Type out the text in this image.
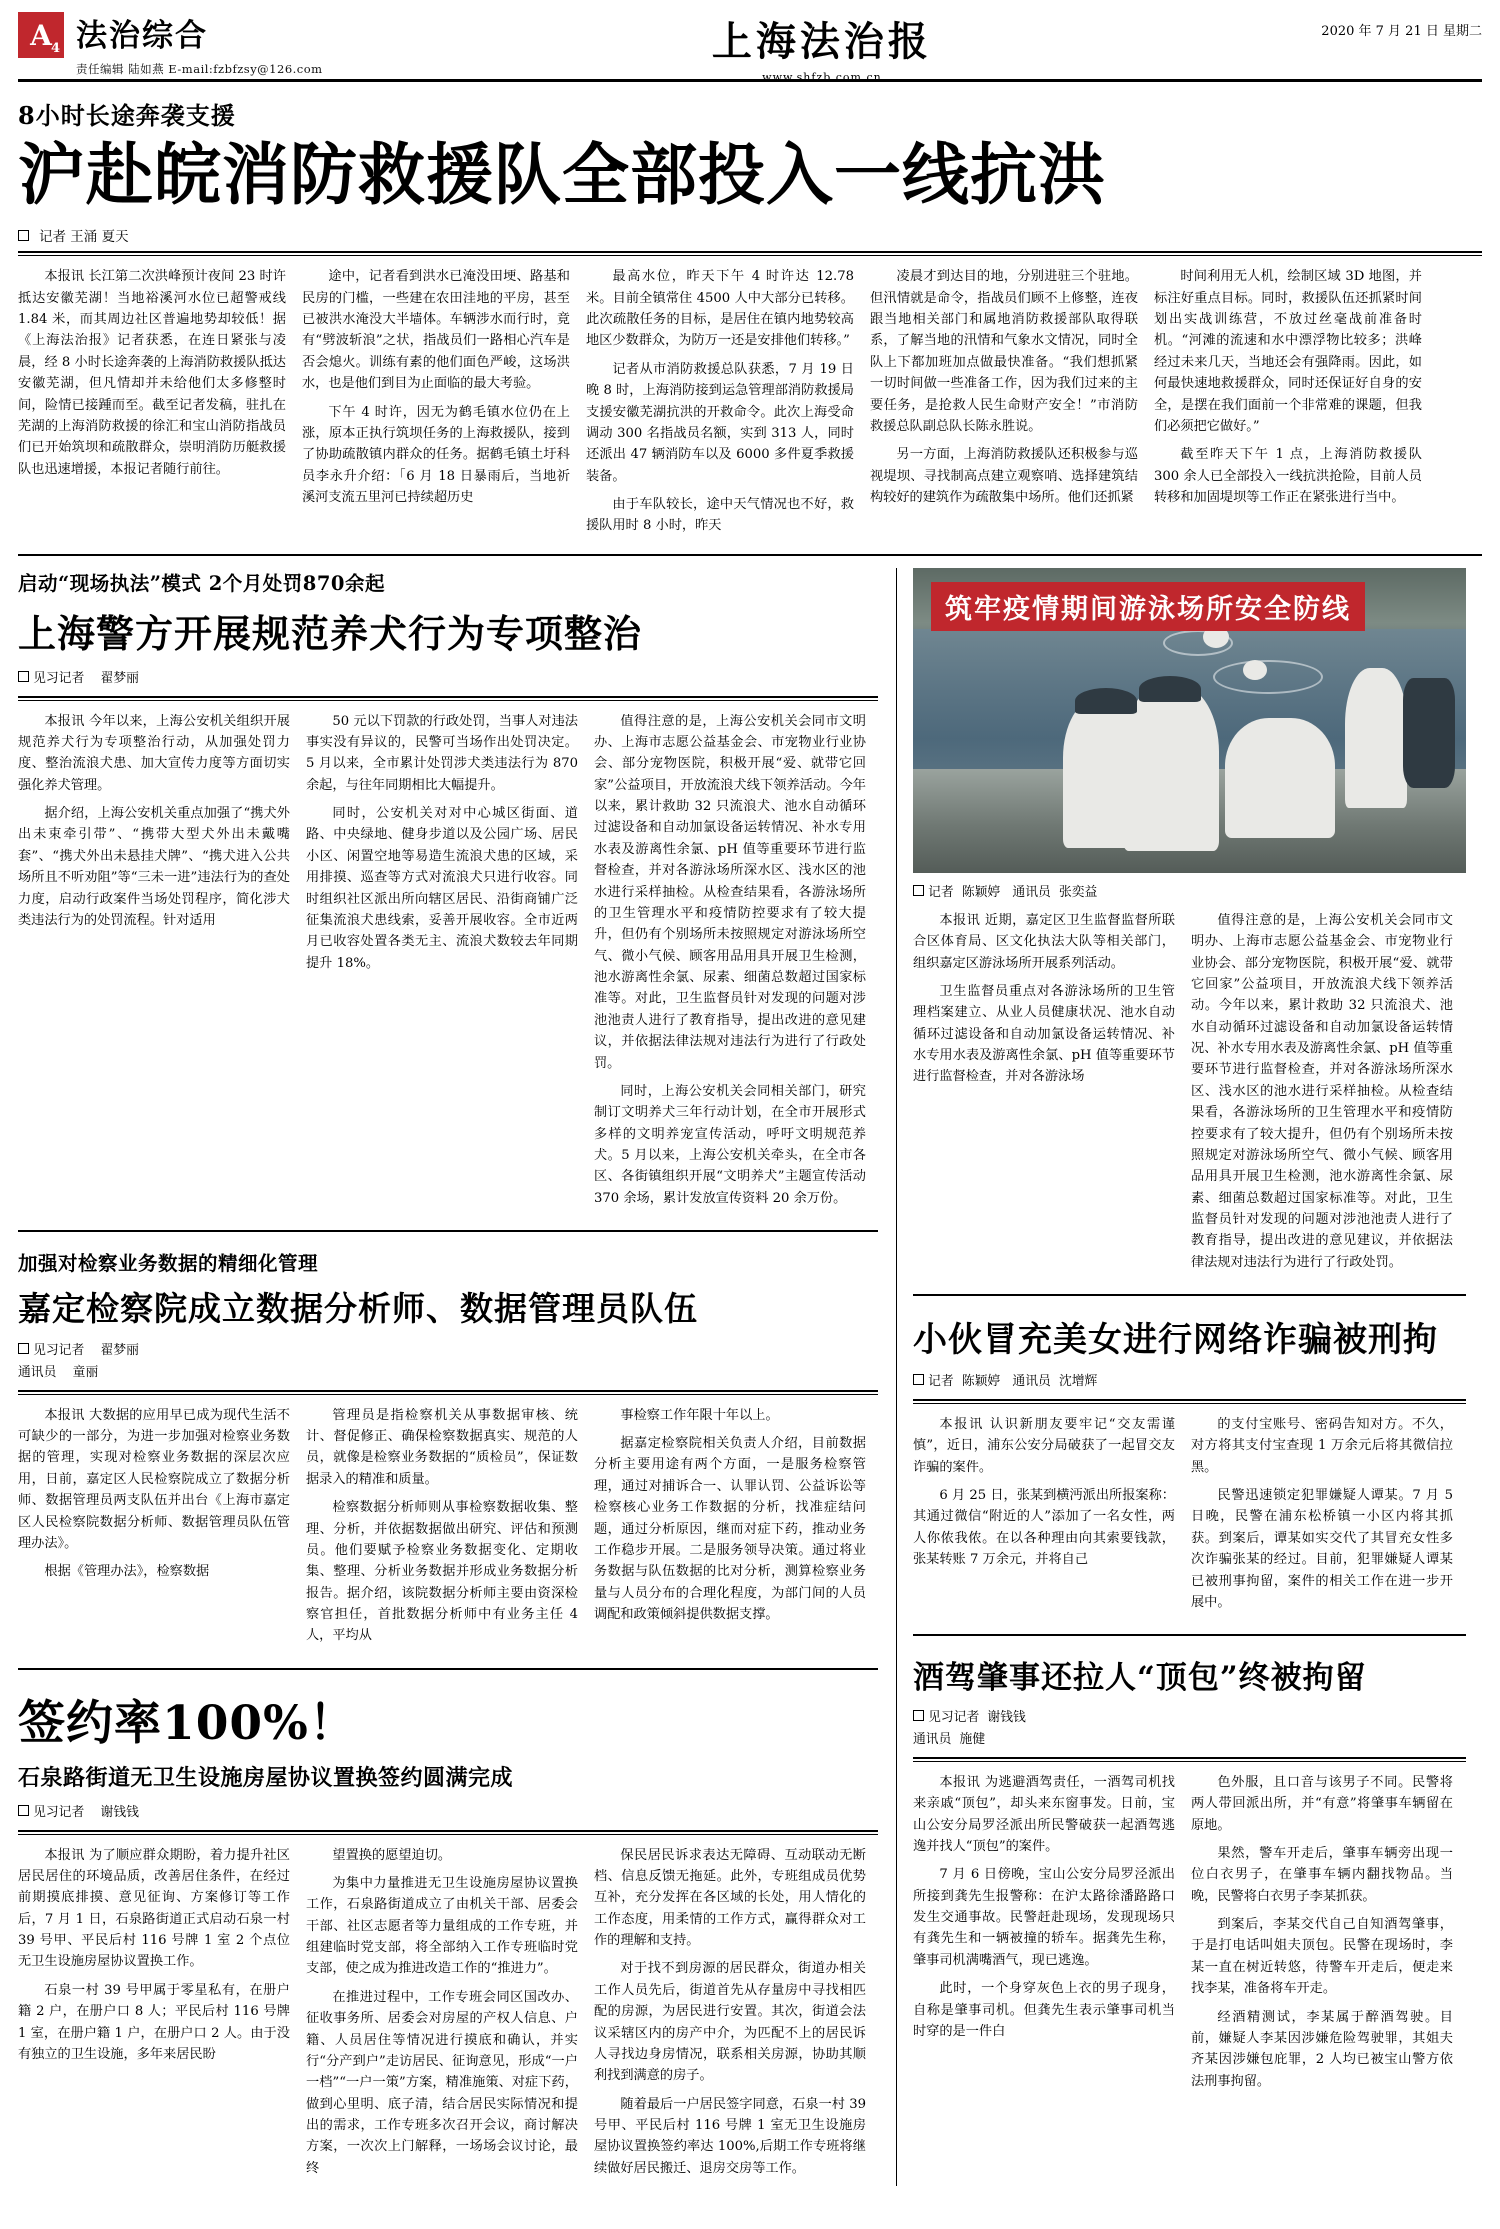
A 4 法治综合
责任编辑 陆如燕 E-mail:fzbfzsy@126.com
上海法治报
www.shfzb.com.cn
2020 年 7 月 21 日 星期二
8小时长途奔袭支援
沪赴皖消防救援队全部投入一线抗洪
记者 王涌 夏天

本报讯 长江第二次洪峰预计夜间 23 时许抵达安徽芜湖！当地裕溪河水位已超警戒线 1.84 米，而其周边社区普遍地势却较低！据《上海法治报》记者获悉，在连日紧张与凌晨，经 8 小时长途奔袭的上海消防救援队抵达安徽芜湖，但凡情却并未给他们太多修整时间，险情已接踵而至。截至记者发稿，驻扎在芜湖的上海消防救援的徐汇和宝山消防指战员们已开始筑坝和疏散群众，崇明消防历艇救援队也迅速增援，本报记者随行前往。

途中，记者看到洪水已淹没田埂、路基和民房的门槛，一些建在农田洼地的平房，甚至已被洪水淹没大半墙体。车辆涉水而行时，竟有“劈波斩浪”之状，指战员们一路相心汽车是否会熄火。训练有素的他们面色严峻，这场洪水，也是他们到目为止面临的最大考验。

下午 4 时许，因无为鹤毛镇水位仍在上涨，原本正执行筑坝任务的上海救援队，接到了协助疏散镇内群众的任务。据鹤毛镇土圩科员李永升介绍：「6 月 18 日暴雨后，当地祈溪河支流五里河已持续超历史

最高水位，昨天下午 4 时许达 12.78 米。目前全镇常住 4500 人中大部分已转移。此次疏散任务的目标，是居住在镇内地势较高地区少数群众，为防万一还是安排他们转移。”

记者从市消防救援总队获悉，7 月 19 日晚 8 时，上海消防接到运急管理部消防救援局支援安徽芜湖抗洪的开救命令。此次上海受命调动 300 名指战员名额，实到 313 人，同时还派出 47 辆消防车以及 6000 多件夏季救援装备。

由于车队较长，途中天气情况也不好，救援队用时 8 小时，昨天

凌晨才到达目的地，分别进驻三个驻地。但汛情就是命令，指战员们顾不上修整，连夜跟当地相关部门和属地消防救援部队取得联系，了解当地的汛情和气象水文情况，同时全队上下都加班加点做最快准备。“我们想抓紧一切时间做一些准备工作，因为我们过来的主要任务，是抢救人民生命财产安全！”市消防救援总队副总队长陈永胜说。

另一方面，上海消防救援队还积极参与巡视堤坝、寻找制高点建立观察哨、选择建筑结构较好的建筑作为疏散集中场所。他们还抓紧

时间利用无人机，绘制区域 3D 地图，并标注好重点目标。同时，救援队伍还抓紧时间划出实战训练营，不放过丝毫战前准备时机。“河滩的流速和水中漂浮物比较多；洪峰经过未来几天，当地还会有强降雨。因此，如何最快速地救援群众，同时还保证好自身的安全，是摆在我们面前一个非常难的课题，但我们必须把它做好。”

截至昨天下午 1 点，上海消防救援队 300 余人已全部投入一线抗洪抢险，目前人员转移和加固堤坝等工作正在紧张进行当中。

启动“现场执法”模式 2个月处罚870余起
上海警方开展规范养犬行为专项整治
见习记者 翟梦丽

本报讯 今年以来，上海公安机关组织开展规范养犬行为专项整治行动，从加强处罚力度、整治流浪犬患、加大宣传力度等方面切实强化养犬管理。

据介绍，上海公安机关重点加强了“携犬外出未束牵引带”、“携带大型犬外出未戴嘴套”、“携犬外出未悬挂犬牌”、“携犬进入公共场所且不听劝阻”等“三未一进”违法行为的查处力度，启动行政案件当场处罚程序，简化涉犬类违法行为的处罚流程。针对适用

50 元以下罚款的行政处罚，当事人对违法事实没有异议的，民警可当场作出处罚决定。5 月以来，全市累计处罚涉犬类违法行为 870 余起，与往年同期相比大幅提升。

同时，公安机关对对中心城区街面、道路、中央绿地、健身步道以及公园广场、居民小区、闲置空地等易造生流浪犬患的区域，采用排摸、巡查等方式对流浪犬只进行收容。同时组织社区派出所向辖区居民、沿街商铺广泛征集流浪犬患线索，妥善开展收容。全市近两月已收容处置各类无主、流浪犬数较去年同期提升 18%。

值得注意的是，上海公安机关会同市文明办、上海市志愿公益基金会、市宠物业行业协会、部分宠物医院，积极开展“爱、就带它回家”公益项目，开放流浪犬线下领养活动。今年以来，累计救助 32 只流浪犬、池水自动循环过滤设备和自动加氯设备运转情况、补水专用水表及游离性余氯、pH 值等重要环节进行监督检查，并对各游泳场所深水区、浅水区的池水进行采样抽检。从检查结果看，各游泳场所的卫生管理水平和疫情防控要求有了较大提升，但仍有个别场所未按照规定对游泳场所空气、微小气候、顾客用品用具开展卫生检测，池水游离性余氯、尿素、细菌总数超过国家标准等。对此，卫生监督员针对发现的问题对涉池池责人进行了教育指导，提出改进的意见建议，并依据法律法规对违法行为进行了行政处罚。

同时，上海公安机关会同相关部门，研究制订文明养犬三年行动计划，在全市开展形式多样的文明养宠宣传活动，呼吁文明规范养犬。5 月以来，上海公安机关牵头，在全市各区、各街镇组织开展“文明养犬”主题宣传活动 370 余场，累计发放宣传资料 20 余万份。

加强对检察业务数据的精细化管理
嘉定检察院成立数据分析师、数据管理员队伍
见习记者 翟梦丽
通讯员 童丽

本报讯 大数据的应用早已成为现代生活不可缺少的一部分，为进一步加强对检察业务数据的管理，实现对检察业务数据的深层次应用，日前，嘉定区人民检察院成立了数据分析师、数据管理员两支队伍并出台《上海市嘉定区人民检察院数据分析师、数据管理员队伍管理办法》。

根据《管理办法》，检察数据

管理员是指检察机关从事数据审核、统计、督促修正、确保检察数据真实、规范的人员，就像是检察业务数据的“质检员”，保证数据录入的精准和质量。

检察数据分析师则从事检察数据收集、整理、分析，并依据数据做出研究、评估和预测员。他们要赋予检察业务数据变化、定期收集、整理、分析业务数据并形成业务数据分析报告。据介绍，该院数据分析师主要由资深检察官担任，首批数据分析师中有业务主任 4 人，平均从

事检察工作年限十年以上。

据嘉定检察院相关负责人介绍，目前数据分析主要用途有两个方面，一是服务检察管理，通过对捕诉合一、认罪认罚、公益诉讼等检察核心业务工作数据的分析，找准症结问题，通过分析原因，继而对症下药，推动业务工作稳步开展。二是服务领导决策。通过将业务数据与队伍数据的比对分析，测算检察业务量与人员分布的合理化程度，为部门间的人员调配和政策倾斜提供数据支撑。

签约率100%！
石泉路街道无卫生设施房屋协议置换签约圆满完成
见习记者 谢钱钱

本报讯 为了顺应群众期盼，着力提升社区居民居住的环境品质，改善居住条件，在经过前期摸底排摸、意见征询、方案修订等工作后，7 月 1 日，石泉路街道正式启动石泉一村 39 号甲、平民后村 116 号牌 1 室 2 个点位无卫生设施房屋协议置换工作。

石泉一村 39 号甲属于零星私有，在册户籍 2 户，在册户口 8 人；平民后村 116 号牌 1 室，在册户籍 1 户，在册户口 2 人。由于没有独立的卫生设施，多年来居民盼

望置换的愿望迫切。

为集中力量推进无卫生设施房屋协议置换工作，石泉路街道成立了由机关干部、居委会干部、社区志愿者等力量组成的工作专班，并组建临时党支部，将全部纳入工作专班临时党支部，使之成为推进改造工作的“推进力”。

在推进过程中，工作专班会同区国改办、征收事务所、居委会对房屋的产权人信息、户籍、人员居住等情况进行摸底和确认，并实行“分产到户”走访居民、征询意见，形成“一户一档”“一户一策”方案，精准施策、对症下药，做到心里明、底子清，结合居民实际情况和提出的需求，工作专班多次召开会议，商讨解决方案，一次次上门解释，一场场会议讨论，最终

保民居民诉求表达无障碍、互动联动无断档、信息反馈无拖延。此外，专班组成员优势互补，充分发挥在各区域的长处，用人情化的工作态度，用柔情的工作方式，赢得群众对工作的理解和支持。

对于找不到房源的居民群众，街道办相关工作人员先后，街道首先从存量房中寻找相匹配的房源，为居民进行安置。其次，街道会法议采辖区内的房产中介，为匹配不上的居民诉人寻找边身房情况，联系相关房源，协助其顺利找到满意的房子。

随着最后一户居民签字同意，石泉一村 39 号甲、平民后村 116 号牌 1 室无卫生设施房屋协议置换签约率达 100%,后期工作专班将继续做好居民搬迁、退房交房等工作。

筑牢疫情期间游泳场所安全防线
记者 陈颖婷 通讯员 张奕益

本报讯 近期，嘉定区卫生监督监督所联合区体育局、区文化执法大队等相关部门，组织嘉定区游泳场所开展系列活动。

卫生监督员重点对各游泳场所的卫生管理档案建立、从业人员健康状况、池水自动循环过滤设备和自动加氯设备运转情况、补水专用水表及游离性余氯、pH 值等重要环节进行监督检查，并对各游泳场

值得注意的是，上海公安机关会同市文明办、上海市志愿公益基金会、市宠物业行业协会、部分宠物医院，积极开展“爱、就带它回家”公益项目，开放流浪犬线下领养活动。今年以来，累计救助 32 只流浪犬、池水自动循环过滤设备和自动加氯设备运转情况、补水专用水表及游离性余氯、pH 值等重要环节进行监督检查，并对各游泳场所深水区、浅水区的池水进行采样抽检。从检查结果看，各游泳场所的卫生管理水平和疫情防控要求有了较大提升，但仍有个别场所未按照规定对游泳场所空气、微小气候、顾客用品用具开展卫生检测，池水游离性余氯、尿素、细菌总数超过国家标准等。对此，卫生监督员针对发现的问题对涉池池责人进行了教育指导，提出改进的意见建议，并依据法律法规对违法行为进行了行政处罚。

小伙冒充美女进行网络诈骗被刑拘
记者 陈颖婷 通讯员 沈增辉

本报讯 认识新朋友要牢记“交友需谨慎”，近日，浦东公安分局破获了一起冒交友诈骗的案件。

6 月 25 日，张某到横沔派出所报案称：其通过微信“附近的人”添加了一名女性，两人你侬我侬。在以各种理由向其索要钱款，张某转账 7 万余元，并将自己

的支付宝账号、密码告知对方。不久，对方将其支付宝查现 1 万余元后将其微信拉黑。

民警迅速锁定犯罪嫌疑人谭某。7 月 5 日晚，民警在浦东松桥镇一小区内将其抓获。到案后，谭某如实交代了其冒充女性多次诈骗张某的经过。目前，犯罪嫌疑人谭某已被刑事拘留，案件的相关工作在进一步开展中。

酒驾肇事还拉人“顶包”终被拘留
见习记者 谢钱钱
通讯员 施健

本报讯 为逃避酒驾责任，一酒驾司机找来亲戚“顶包”，却头来东窗事发。日前，宝山公安分局罗泾派出所民警破获一起酒驾逃逸并找人“顶包”的案件。

7 月 6 日傍晚，宝山公安分局罗泾派出所接到龚先生报警称：在沪太路徐潘路路口发生交通事故。民警赶赴现场，发现现场只有龚先生和一辆被撞的轿车。据龚先生称，肇事司机满嘴酒气，现已逃逸。

此时，一个身穿灰色上衣的男子现身，自称是肇事司机。但龚先生表示肇事司机当时穿的是一件白

色外服，且口音与该男子不同。民警将两人带回派出所，并“有意”将肇事车辆留在原地。

果然，警车开走后，肇事车辆旁出现一位白衣男子，在肇事车辆内翻找物品。当晚，民警将白衣男子李某抓获。

到案后，李某交代自己自知酒驾肇事，于是打电话叫姐夫顶包。民警在现场时，李某一直在树近转悠，待警车开走后，便走来找李某，准备将车开走。

经酒精测试，李某属于醉酒驾驶。目前，嫌疑人李某因涉嫌危险驾驶罪，其姐夫齐某因涉嫌包庇罪，2 人均已被宝山警方依法刑事拘留。
